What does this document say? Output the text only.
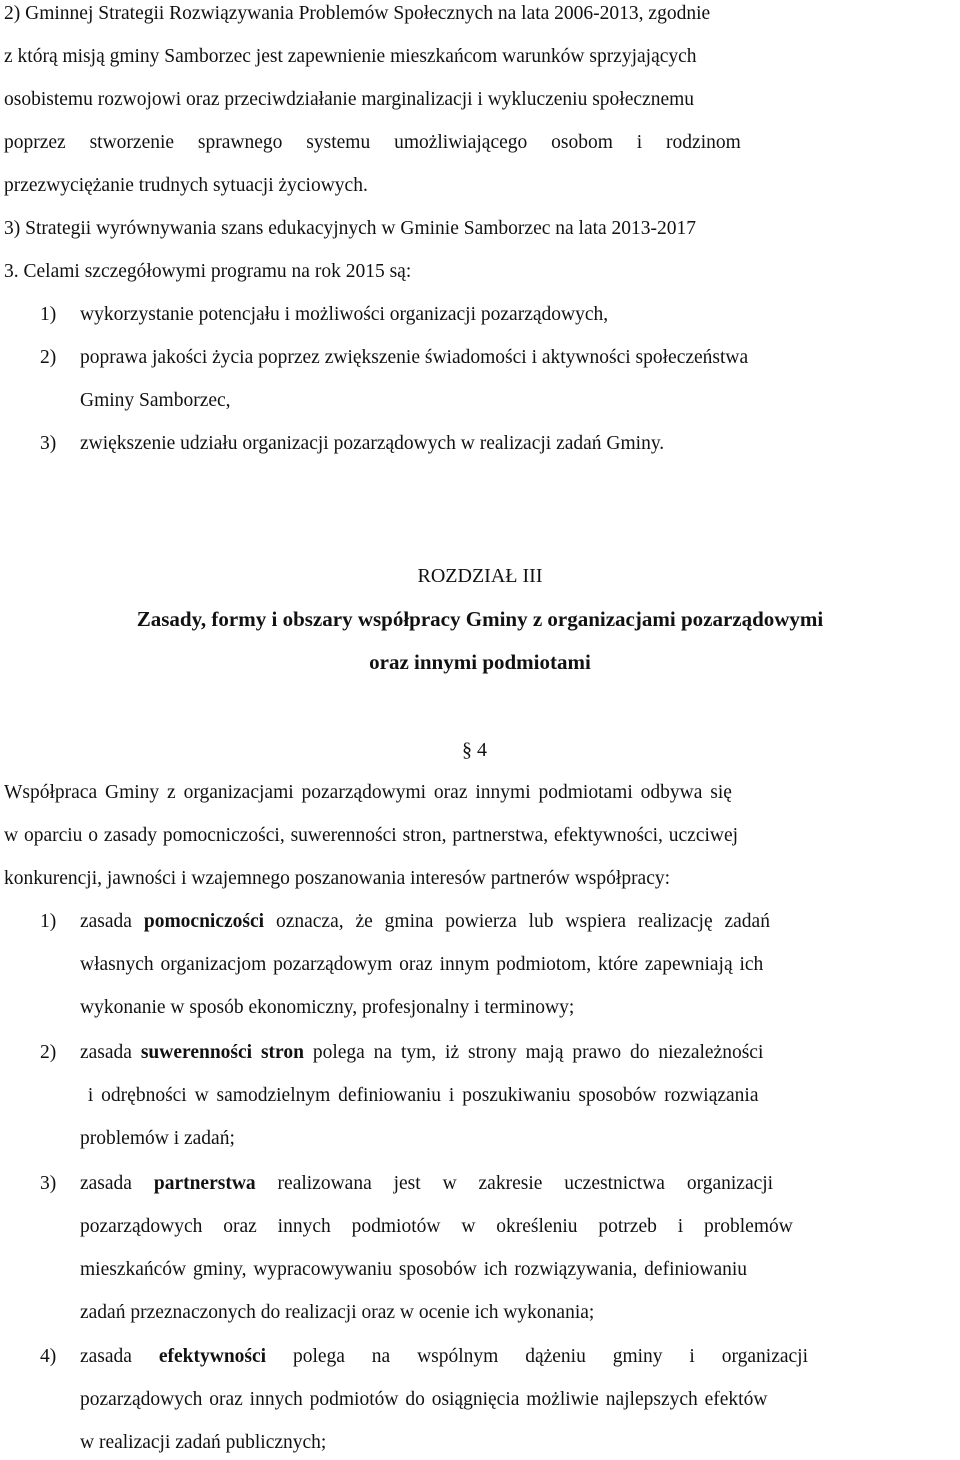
2) Gminnej Strategii Rozwiązywania Problemów Społecznych na lata 2006-2013, zgodnie
z którą misją gminy Samborzec jest zapewnienie mieszkańcom warunków sprzyjających
osobistemu rozwojowi oraz przeciwdziałanie marginalizacji i wykluczeniu społecznemu
poprzez stworzenie sprawnego systemu umożliwiającego osobom i rodzinom
przezwyciężanie trudnych sytuacji życiowych.
3) Strategii wyrównywania szans edukacyjnych w Gminie Samborzec na lata 2013-2017
3. Celami szczegółowymi programu na rok 2015 są:
1) wykorzystanie potencjału i możliwości organizacji pozarządowych,
2) poprawa jakości życia poprzez zwiększenie świadomości i aktywności społeczeństwa
Gminy Samborzec,
3) zwiększenie udziału organizacji pozarządowych w realizacji zadań Gminy.
ROZDZIAŁ III
Zasady, formy i obszary współpracy Gminy z organizacjami pozarządowymi
oraz innymi podmiotami
§ 4
Współpraca Gminy z organizacjami pozarządowymi oraz innymi podmiotami odbywa się
w oparciu o zasady pomocniczości, suwerenności stron, partnerstwa, efektywności, uczciwej
konkurencji, jawności i wzajemnego poszanowania interesów partnerów współpracy:
1) zasada pomocniczości oznacza, że gmina powierza lub wspiera realizację zadań
własnych organizacjom pozarządowym oraz innym podmiotom, które zapewniają ich
wykonanie w sposób ekonomiczny, profesjonalny i terminowy;
2) zasada suwerenności stron polega na tym, iż strony mają prawo do niezależności
i odrębności w samodzielnym definiowaniu i poszukiwaniu sposobów rozwiązania
problemów i zadań;
3) zasada partnerstwa realizowana jest w zakresie uczestnictwa organizacji
pozarządowych oraz innych podmiotów w określeniu potrzeb i problemów
mieszkańców gminy, wypracowywaniu sposobów ich rozwiązywania, definiowaniu
zadań przeznaczonych do realizacji oraz w ocenie ich wykonania;
4) zasada efektywności polega na wspólnym dążeniu gminy i organizacji
pozarządowych oraz innych podmiotów do osiągnięcia możliwie najlepszych efektów
w realizacji zadań publicznych;
